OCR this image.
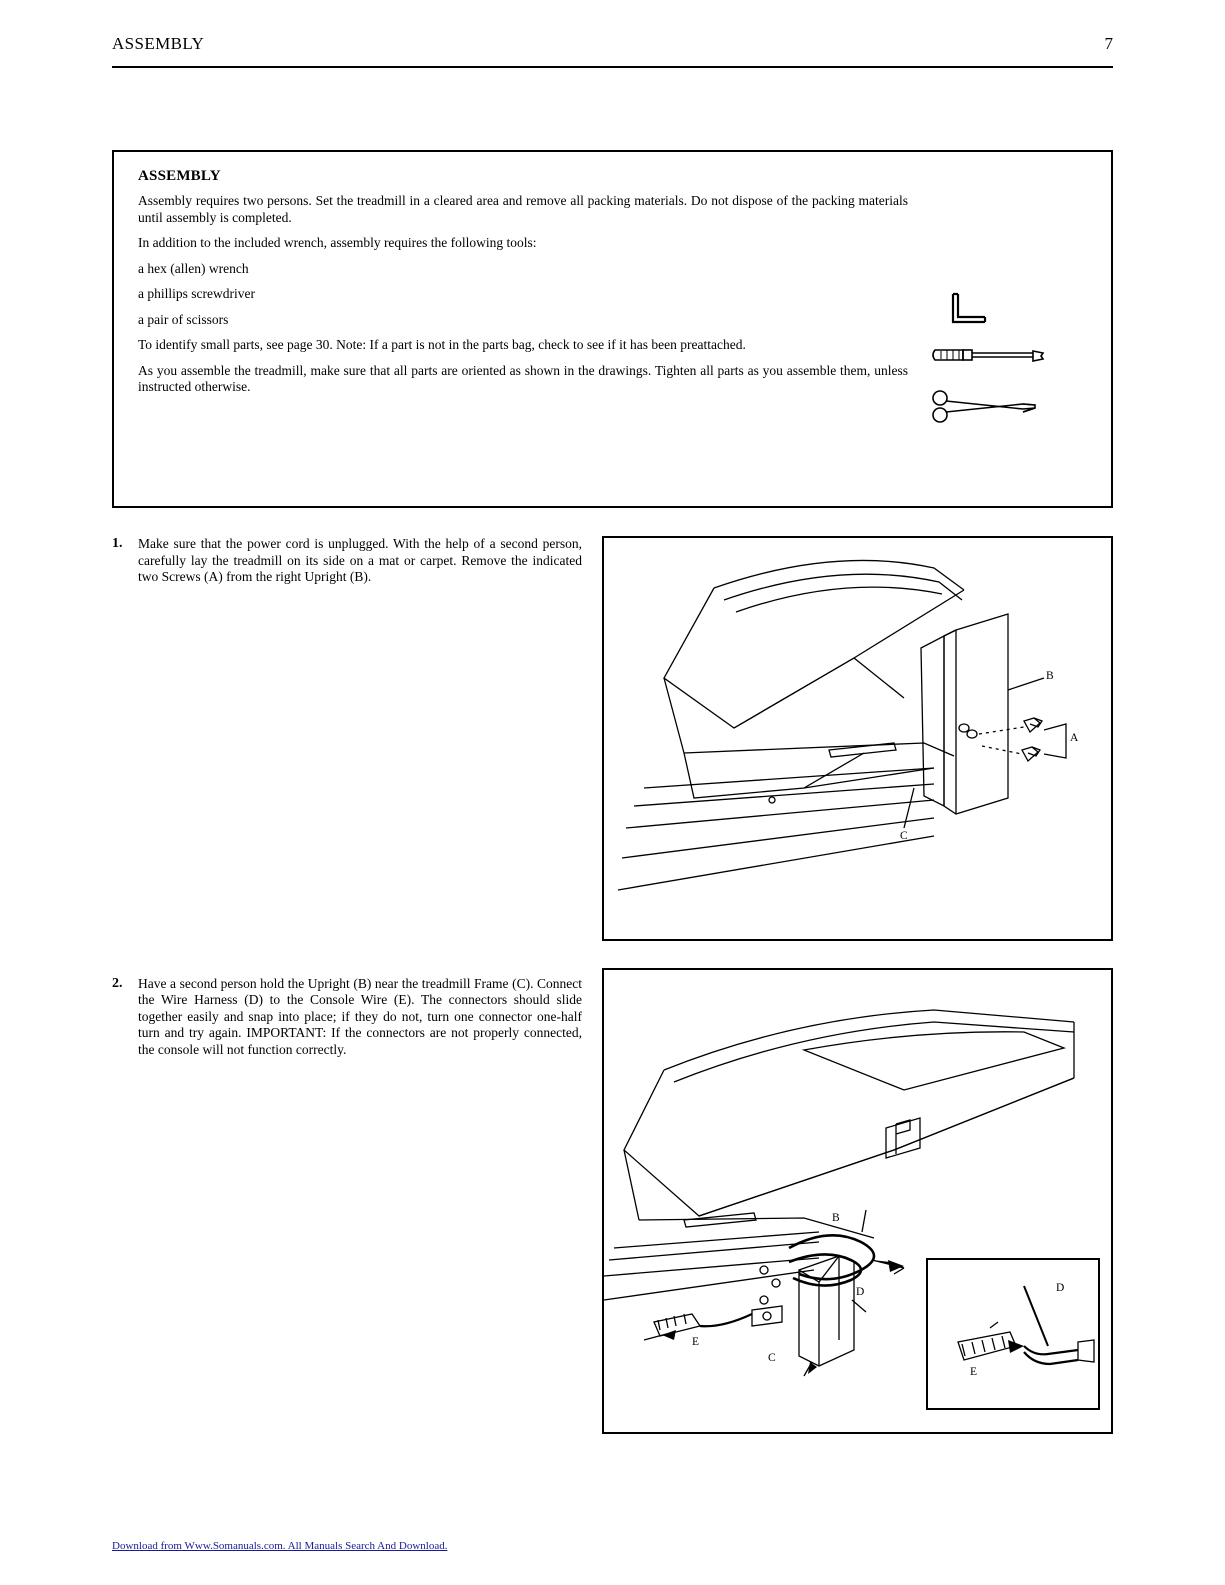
ASSEMBLY	7

ASSEMBLY

Assembly requires two persons. Set the treadmill in a cleared area and remove all packing materials. Do not dispose of the packing materials until assembly is completed.

In addition to the included wrench, assembly requires the following tools:

a hex (allen) wrench

a phillips screwdriver

a pair of scissors

To identify small parts, see page 30. Note: If a part is not in the parts bag, check to see if it has been preattached.

As you assemble the treadmill, make sure that all parts are oriented as shown in the drawings. Tighten all parts as you assemble them, unless instructed otherwise.

1.	Make sure that the power cord is unplugged. With the help of a second person, carefully lay the treadmill on its side on a mat or carpet. Remove the indicated two Screws (A) from the right Upright (B).
2.	Have a second person hold the Upright (B) near the treadmill Frame (C). Connect the Wire Harness (D) to the Console Wire (E). The connectors should slide together easily and snap into place; if they do not, turn one connector one-half turn and try again. IMPORTANT: If the connectors are not properly connected, the console will not function correctly.
B
C
A
B
D
E
C
D
E
Download from Www.Somanuals.com. All Manuals Search And Download.
